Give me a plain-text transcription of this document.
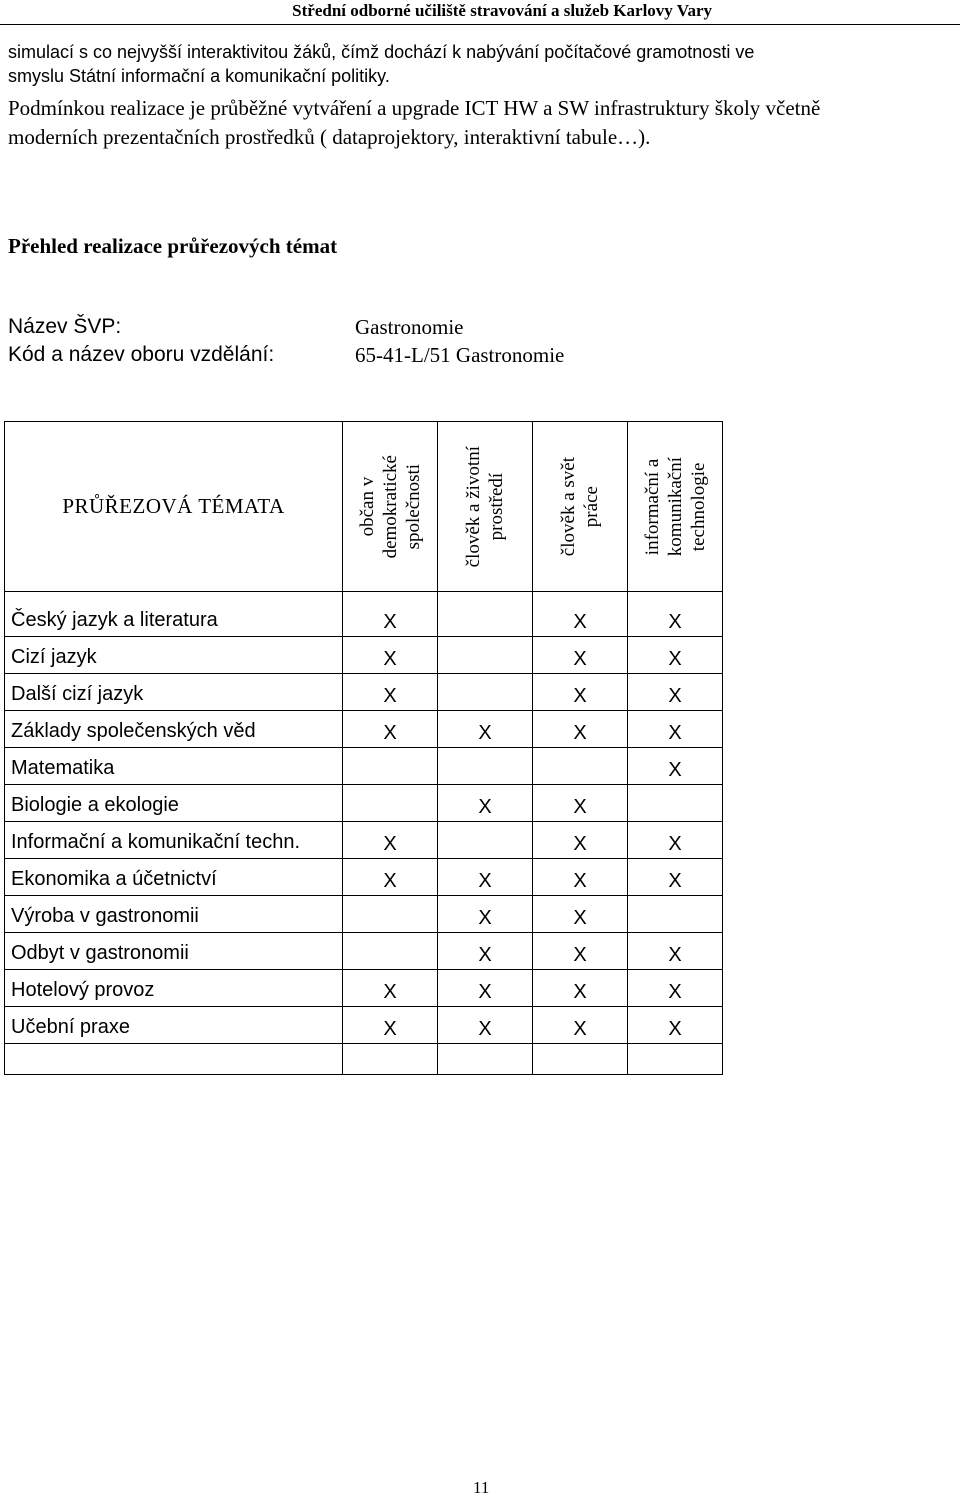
Střední odborné učiliště stravování a služeb Karlovy Vary

simulací s co nejvyšší interaktivitou žáků, čímž dochází k nabývání počítačové gramotnosti ve

smyslu Státní informační a komunikační politiky.

Podmínkou realizace je průběžné vytváření a upgrade ICT HW a SW infrastruktury školy včetně

moderních prezentačních prostředků ( dataprojektory, interaktivní tabule…).

Přehled realizace průřezových témat
Název ŠVP:	Gastronomie
Kód a název oboru vzdělání:	65-41-L/51 Gastronomie
PRŮŘEZOVÁ TÉMATA	občan v
demokratické
společnosti	člověk a životní
prostředí	člověk a svět
práce	informační a
komunikační
technologie

Český jazyk a literatura	X		X	X
Cizí jazyk	X		X	X
Další cizí jazyk	X		X	X
Základy společenských věd	X	X	X	X
Matematika				X
Biologie a ekologie		X	X	
Informační a komunikační techn.	X		X	X
Ekonomika a účetnictví	X	X	X	X
Výroba v gastronomii		X	X	
Odbyt v gastronomii		X	X	X
Hotelový provoz	X	X	X	X
Učební praxe	X	X	X	X

11
